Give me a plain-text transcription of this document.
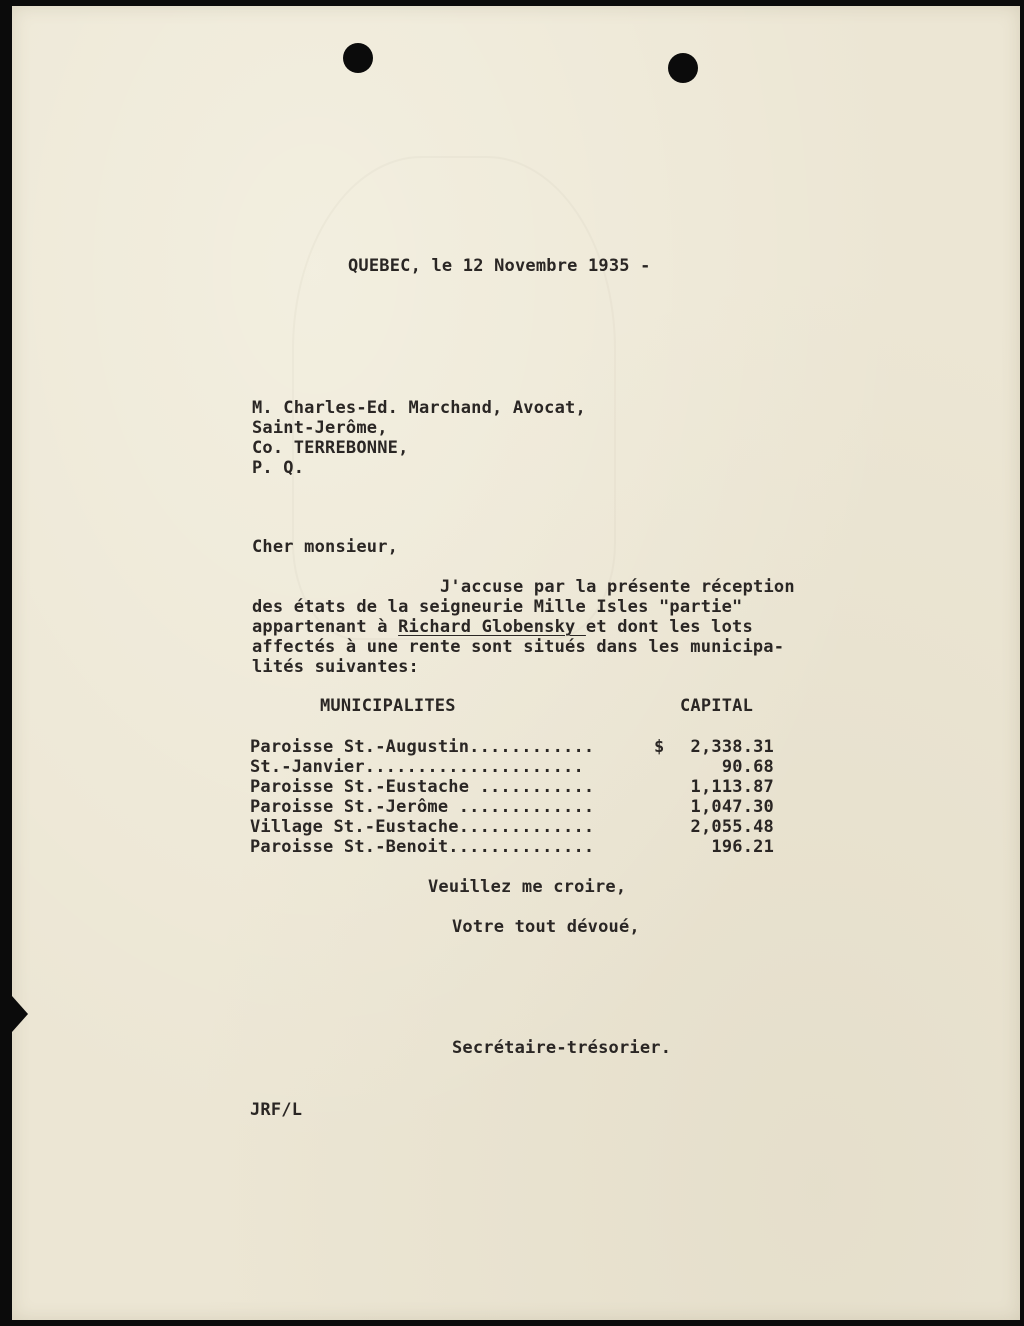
QUEBEC, le 12 Novembre 1935 -

M. Charles-Ed. Marchand, Avocat,

Saint-Jerôme,

Co. TERREBONNE,

P. Q.

Cher monsieur,

J'accuse par la présente réception

des états de la seigneurie Mille Isles "partie"

appartenant à Richard Globensky et dont les lots

affectés à une rente sont situés dans les municipa-

lités suivantes:

MUNICIPALITES	CAPITAL

Paroisse St.-Augustin............	$ 2,338.31
St.-Janvier.....................	90.68
Paroisse St.-Eustache ...........	1,113.87
Paroisse St.-Jerôme .............	1,047.30
Village St.-Eustache.............	2,055.48
Paroisse St.-Benoit..............	196.21

Veuillez me croire,

Votre tout dévoué,

Secrétaire-trésorier.

JRF/L
